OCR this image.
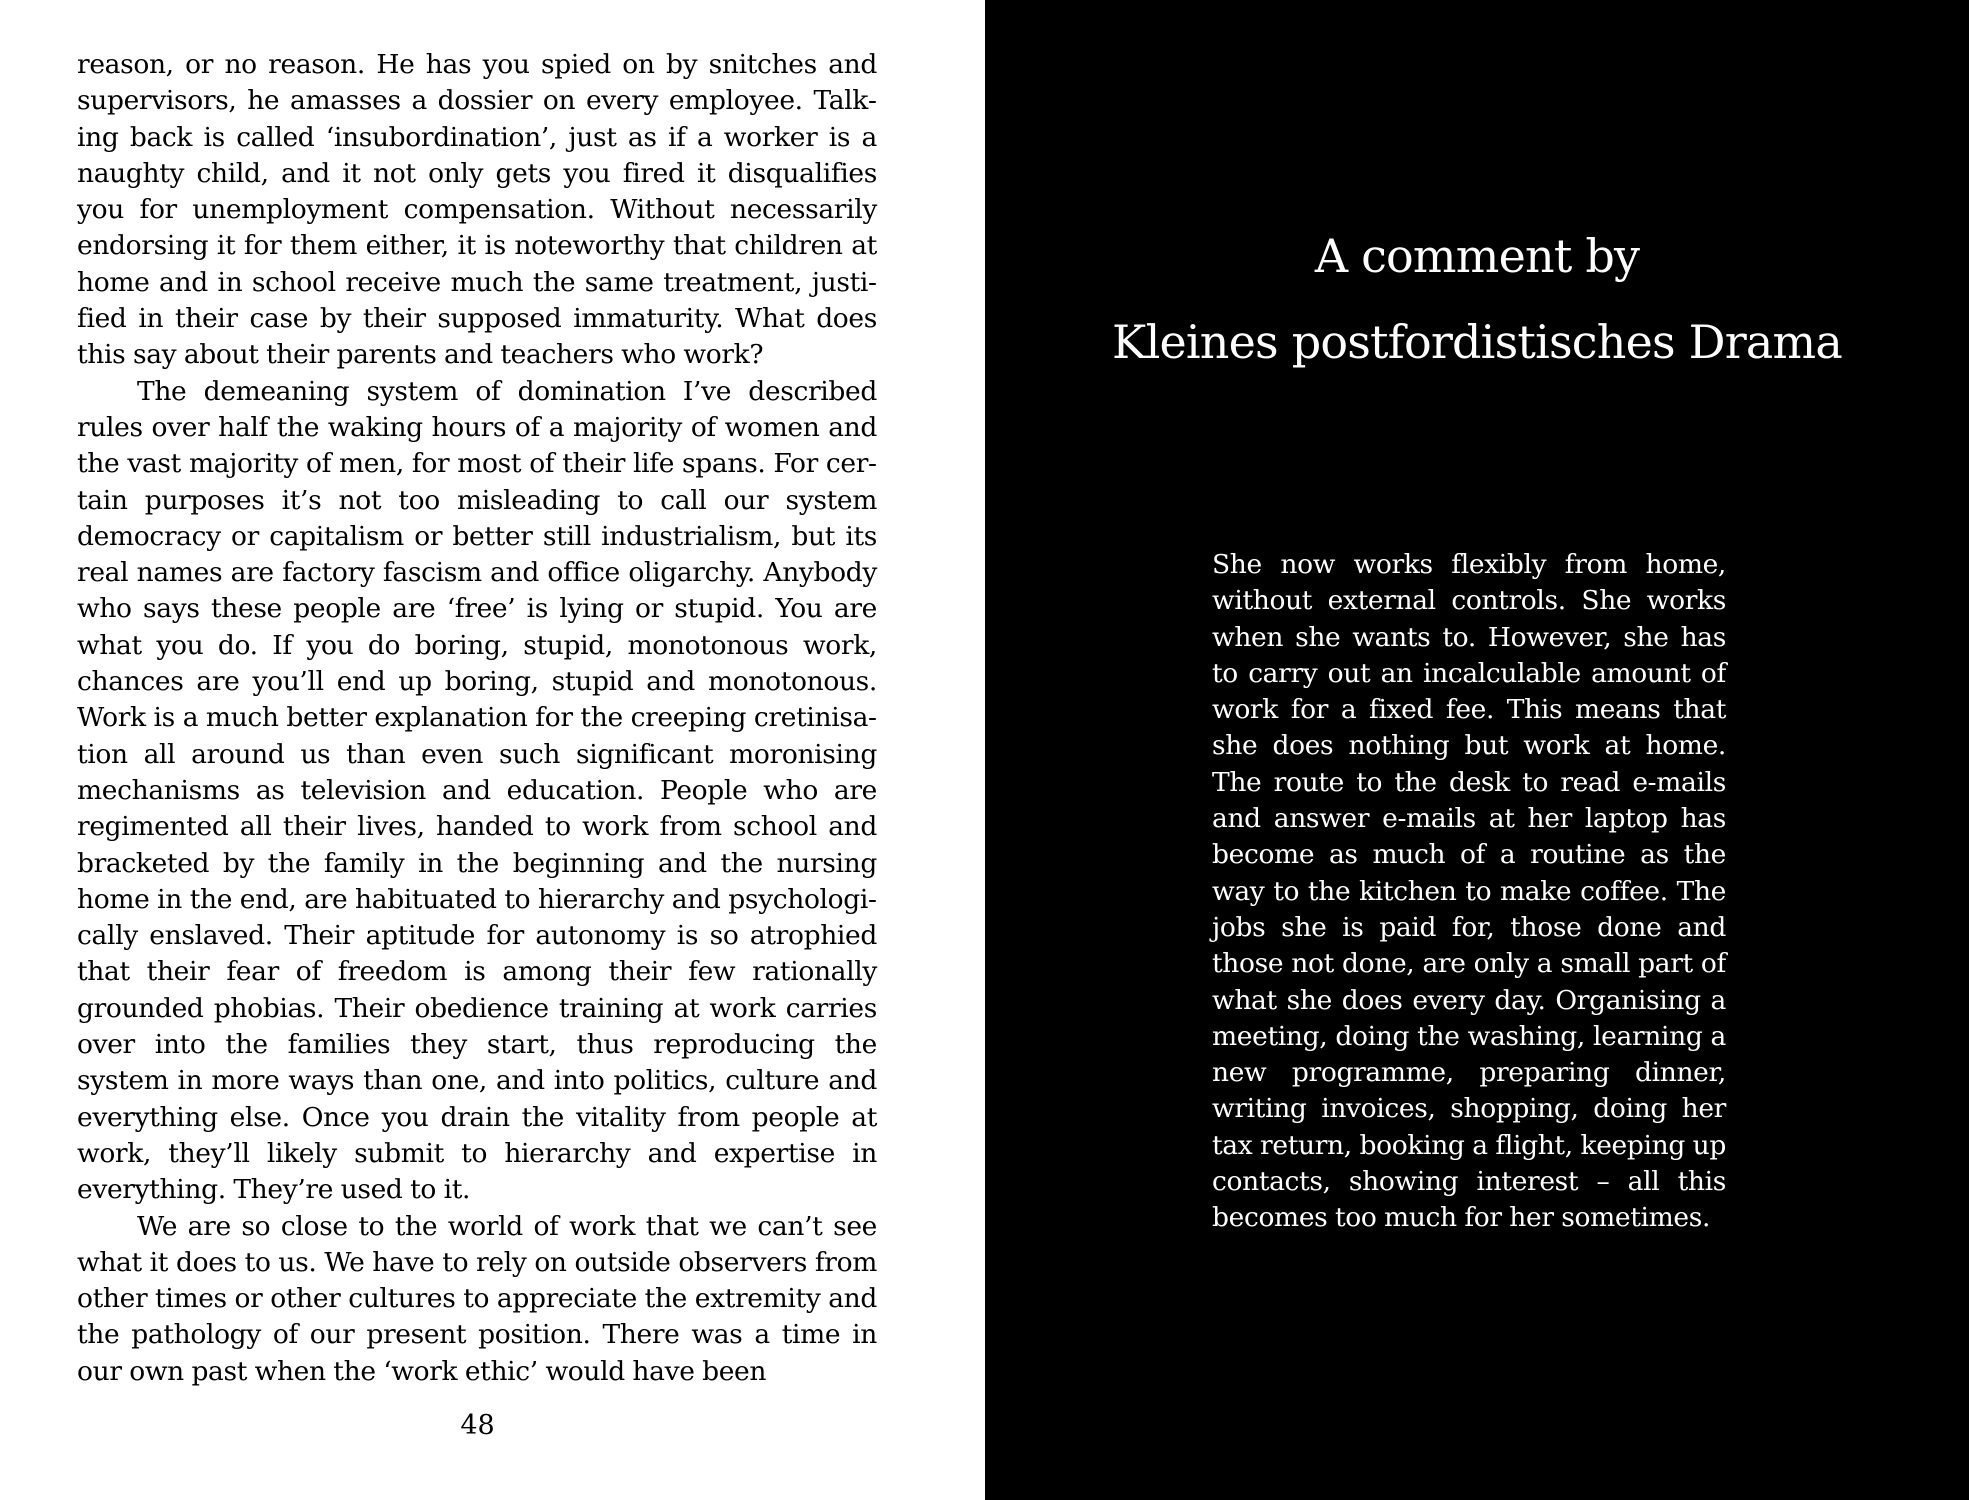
reason, or no reason. He has you spied on by snitches and supervisors, he amasses a dossier on every employee. Talking back is called ‘insubordination’, just as if a worker is a naughty child, and it not only gets you fired it disqualifies you for unemployment compensation. Without necessarily endorsing it for them either, it is noteworthy that children at home and in school receive much the same treatment, justified in their case by their supposed immaturity. What does this say about their parents and teachers who work?

The demeaning system of domination I’ve described rules over half the waking hours of a majority of women and the vast majority of men, for most of their life spans. For certain purposes it’s not too misleading to call our system democracy or capitalism or better still industrialism, but its real names are factory fascism and office oligarchy. Anybody who says these people are ‘free’ is lying or stupid. You are what you do. If you do boring, stupid, monotonous work, chances are you’ll end up boring, stupid and monotonous. Work is a much better explanation for the creeping cretinisation all around us than even such significant moronising mechanisms as television and education. People who are regimented all their lives, handed to work from school and bracketed by the family in the beginning and the nursing home in the end, are habituated to hierarchy and psychologically enslaved. Their aptitude for autonomy is so atrophied that their fear of freedom is among their few rationally grounded phobias. Their obedience training at work carries over into the families they start, thus reproducing the system in more ways than one, and into politics, culture and everything else. Once you drain the vitality from people at work, they’ll likely submit to hierarchy and expertise in everything. They’re used to it.

We are so close to the world of work that we can’t see what it does to us. We have to rely on outside observers from other times or other cultures to appreciate the extremity and the pathology of our present position. There was a time in our own past when the ‘work ethic’ would have been

48
A comment by
Kleines postfordistisches Drama

She now works flexibly from home, without external controls. She works when she wants to. However, she has to carry out an incalculable amount of work for a fixed fee. This means that she does nothing but work at home. The route to the desk to read e-mails and answer e-mails at her laptop has become as much of a routine as the way to the kitchen to make coffee. The jobs she is paid for, those done and those not done, are only a small part of what she does every day. Organising a meeting, doing the washing, learning a new programme, preparing dinner, writing invoices, shopping, doing her tax return, booking a flight, keeping up contacts, showing interest – all this becomes too much for her sometimes.
